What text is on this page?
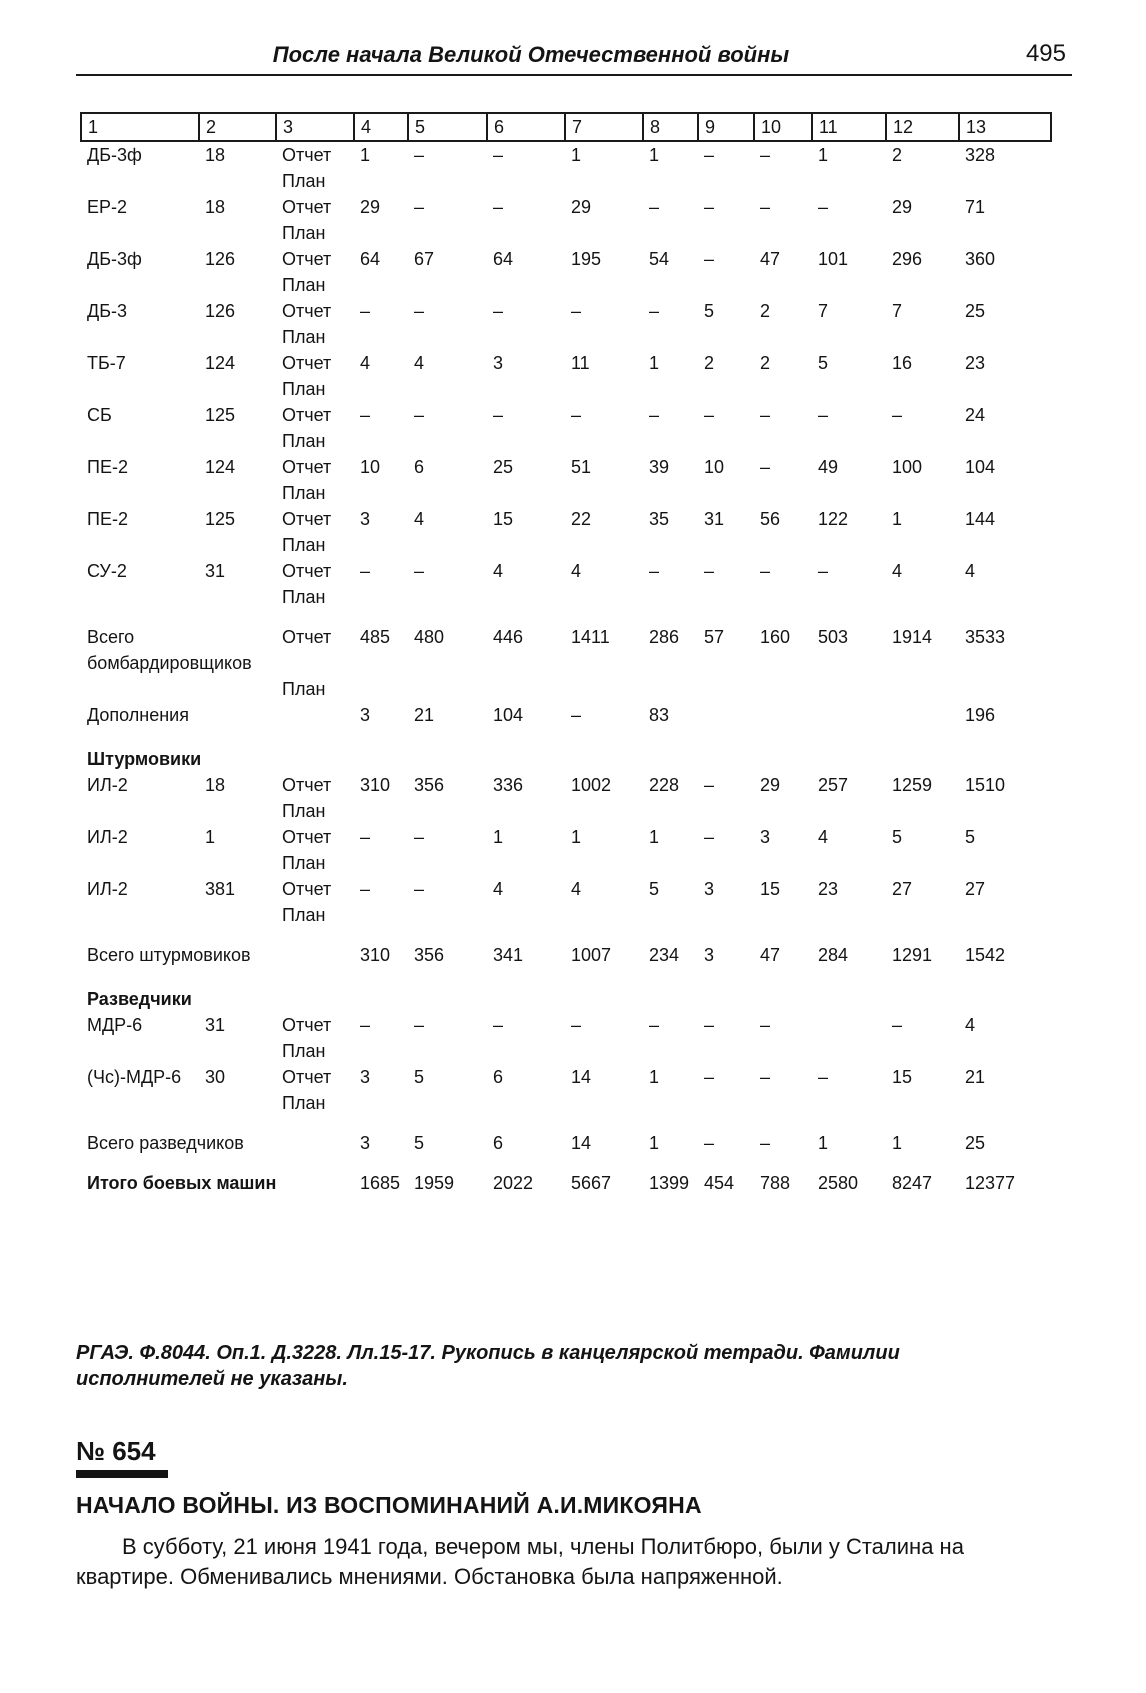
После начала Великой Отечественной войны	495
1	2	3	4	5	6	7	8	9	10	11	12	13
ДБ-3ф	18	Отчет	1	–	–	1	1	–	–	1	2	328
		План										
ЕР-2	18	Отчет	29	–	–	29	–	–	–	–	29	71
		План										
ДБ-3ф	126	Отчет	64	67	64	195	54	–	47	101	296	360
		План										
ДБ-3	126	Отчет	–	–	–	–	–	5	2	7	7	25
		План										
ТБ-7	124	Отчет	4	4	3	11	1	2	2	5	16	23
		План										
СБ	125	Отчет	–	–	–	–	–	–	–	–	–	24
		План										
ПЕ-2	124	Отчет	10	6	25	51	39	10	–	49	100	104
		План										
ПЕ-2	125	Отчет	3	4	15	22	35	31	56	122	1	144
		План										
СУ-2	31	Отчет	–	–	4	4	–	–	–	–	4	4
		План										
Всего бомбардировщиков		Отчет	485	480	446	1411	286	57	160	503	1914	3533
		План										
Дополнения			3	21	104	–	83					196
Штурмовики												
ИЛ-2	18	Отчет	310	356	336	1002	228	–	29	257	1259	1510
		План										
ИЛ-2	1	Отчет	–	–	1	1	1	–	3	4	5	5
		План										
ИЛ-2	381	Отчет	–	–	4	4	5	3	15	23	27	27
		План										
Всего штурмовиков			310	356	341	1007	234	3	47	284	1291	1542
Разведчики												
МДР-6	31	Отчет	–	–	–	–	–	–	–		–	4
		План										
(Чс)-МДР-6	30	Отчет	3	5	6	14	1	–	–	–	15	21
		План										
Всего разведчиков			3	5	6	14	1	–	–	1	1	25
Итого боевых машин			1685	1959	2022	5667	1399	454	788	2580	8247	12377
РГАЭ. Ф.8044. Оп.1. Д.3228. Лл.15-17. Рукопись в канцелярской тетради. Фамилии исполнителей не указаны.
№ 654
НАЧАЛО ВОЙНЫ. ИЗ ВОСПОМИНАНИЙ А.И.МИКОЯНА
В субботу, 21 июня 1941 года, вечером мы, члены Политбюро, были у Сталина на квартире. Обменивались мнениями. Обстановка была напряженной.
